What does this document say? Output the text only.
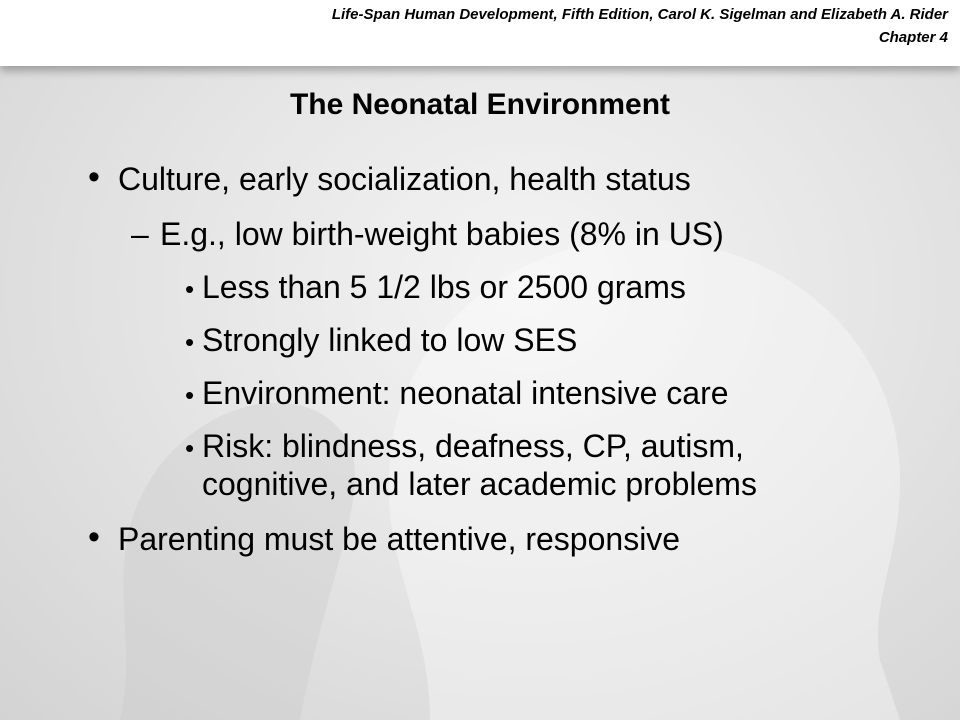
Life-Span Human Development, Fifth Edition, Carol K. Sigelman and Elizabeth A. Rider
Chapter 4
The Neonatal Environment
• Culture, early socialization, health status
– E.g., low birth-weight babies (8% in US)
• Less than 5 1/2 lbs or 2500 grams
• Strongly linked to low SES
• Environment: neonatal intensive care
• Risk: blindness, deafness, CP, autism,
cognitive, and later academic problems
• Parenting must be attentive, responsive
